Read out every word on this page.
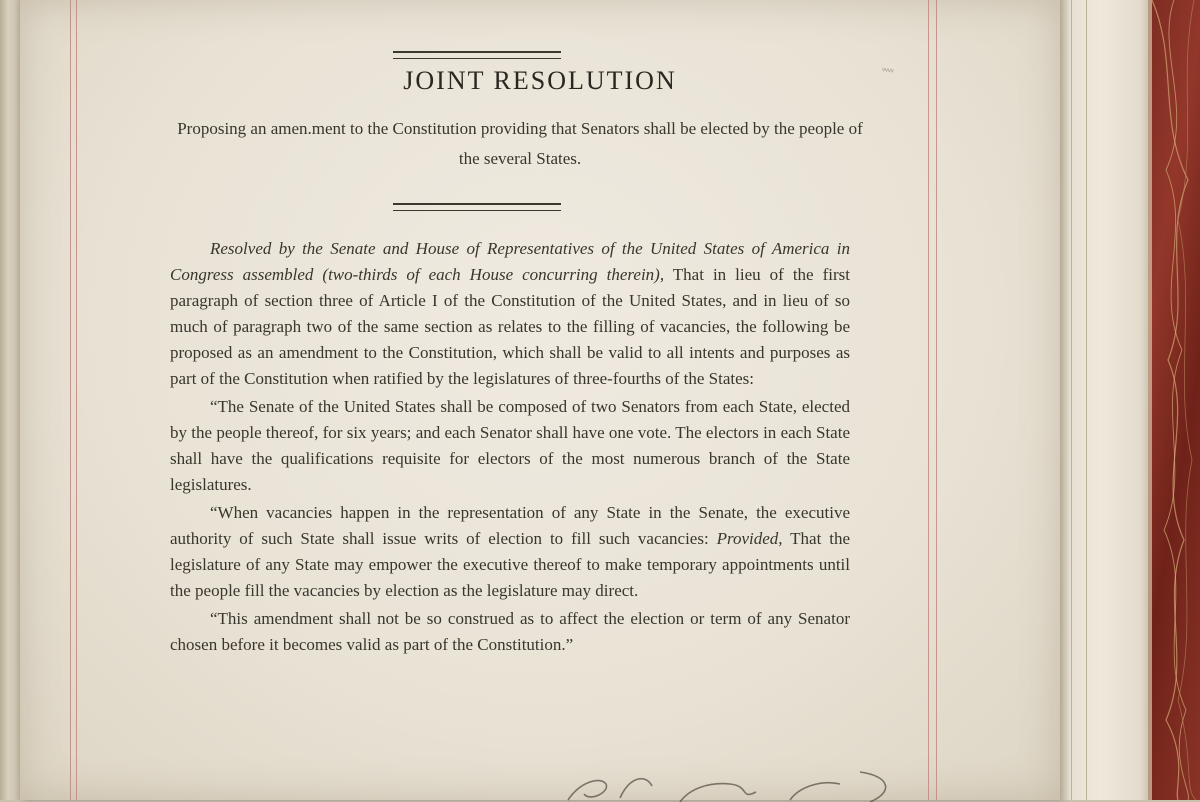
JOINT RESOLUTION	ᵛᵛᵛᵛ
Proposing an amen.ment to the Constitution providing that Senators shall be elected by the people of the several States.

Resolved by the Senate and House of Representatives of the United States of America in Congress assembled (two-thirds of each House concurring therein), That in lieu of the first paragraph of section three of Article I of the Constitution of the United States, and in lieu of so much of paragraph two of the same section as relates to the filling of vacancies, the following be proposed as an amendment to the Constitution, which shall be valid to all intents and purposes as part of the Constitution when ratified by the legislatures of three-fourths of the States:

“The Senate of the United States shall be composed of two Senators from each State, elected by the people thereof, for six years; and each Senator shall have one vote. The electors in each State shall have the qualifications requisite for electors of the most numerous branch of the State legislatures.

“When vacancies happen in the representation of any State in the Senate, the executive authority of such State shall issue writs of election to fill such vacancies: Provided, That the legislature of any State may empower the executive thereof to make temporary appointments until the people fill the vacancies by election as the legislature may direct.

“This amendment shall not be so construed as to affect the election or term of any Senator chosen before it becomes valid as part of the Constitution.”
